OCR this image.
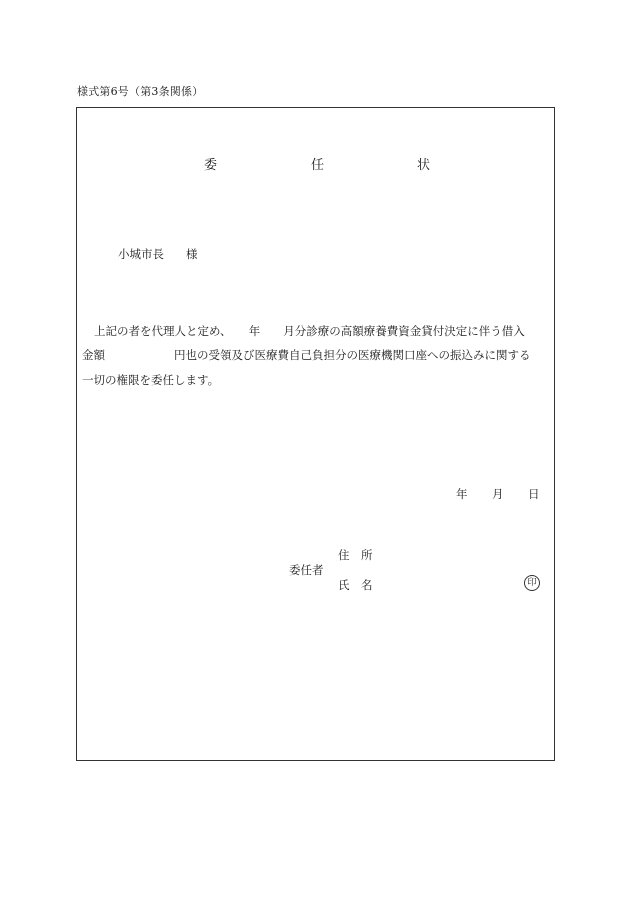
様式第6号（第3条関係）
委	任	状
小城市長 様
上記の者を代理人と定め、　　年　　月分診療の高額療養費資金貸付決定に伴う借入
金額　　　　　　円也の受領及び医療費自己負担分の医療機関口座への振込みに関する
一切の権限を委任します。
年 月 日
住　所
委任者
氏　名	印
